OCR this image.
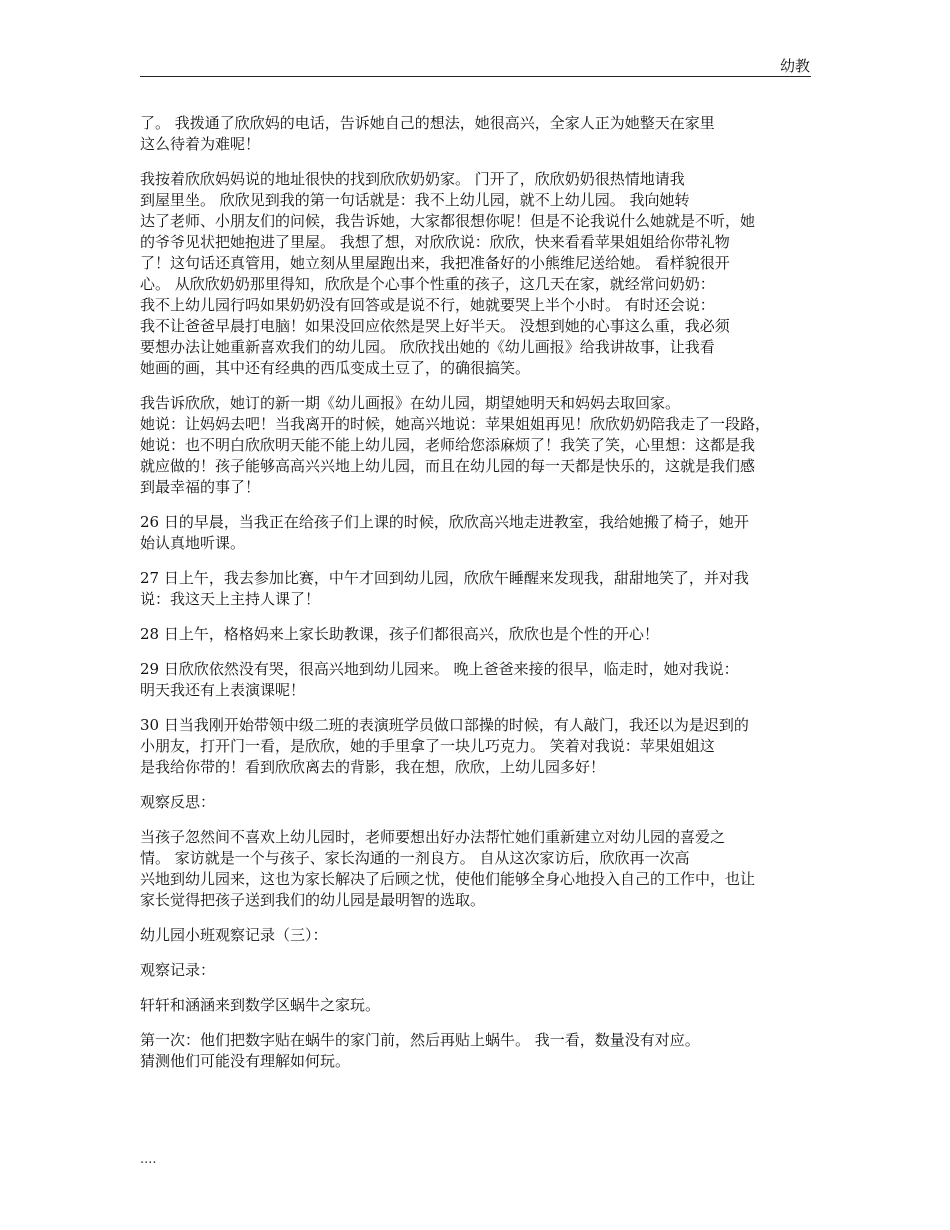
幼教
了。 我拨通了欣欣妈的电话，告诉她自己的想法，她很高兴，全家人正为她整天在家里
这么待着为难呢！
我按着欣欣妈妈说的地址很快的找到欣欣奶奶家。 门开了，欣欣奶奶很热情地请我
到屋里坐。 欣欣见到我的第一句话就是：我不上幼儿园，就不上幼儿园。 我向她转
达了老师、小朋友们的问候，我告诉她，大家都很想你呢！但是不论我说什么她就是不听，她
的爷爷见状把她抱进了里屋。 我想了想，对欣欣说：欣欣，快来看看苹果姐姐给你带礼物
了！这句话还真管用，她立刻从里屋跑出来，我把准备好的小熊维尼送给她。 看样貌很开
心。 从欣欣奶奶那里得知，欣欣是个心事个性重的孩子，这几天在家，就经常问奶奶：
我不上幼儿园行吗如果奶奶没有回答或是说不行，她就要哭上半个小时。 有时还会说：
我不让爸爸早晨打电脑！如果没回应依然是哭上好半天。 没想到她的心事这么重，我必须
要想办法让她重新喜欢我们的幼儿园。 欣欣找出她的《幼儿画报》给我讲故事，让我看
她画的画，其中还有经典的西瓜变成土豆了，的确很搞笑。
我告诉欣欣，她订的新一期《幼儿画报》在幼儿园，期望她明天和妈妈去取回家。
她说：让妈妈去吧！当我离开的时候，她高兴地说：苹果姐姐再见！欣欣奶奶陪我走了一段路，
她说：也不明白欣欣明天能不能上幼儿园，老师给您添麻烦了！我笑了笑，心里想：这都是我
就应做的！孩子能够高高兴兴地上幼儿园，而且在幼儿园的每一天都是快乐的，这就是我们感
到最幸福的事了！
26 日的早晨，当我正在给孩子们上课的时候，欣欣高兴地走进教室，我给她搬了椅子，她开
始认真地听课。
27 日上午，我去参加比赛，中午才回到幼儿园，欣欣午睡醒来发现我，甜甜地笑了，并对我
说：我这天上主持人课了！
28 日上午，格格妈来上家长助教课，孩子们都很高兴，欣欣也是个性的开心！
29 日欣欣依然没有哭，很高兴地到幼儿园来。 晚上爸爸来接的很早，临走时，她对我说：
明天我还有上表演课呢！
30 日当我刚开始带领中级二班的表演班学员做口部操的时候，有人敲门，我还以为是迟到的
小朋友，打开门一看，是欣欣，她的手里拿了一块儿巧克力。 笑着对我说：苹果姐姐这
是我给你带的！看到欣欣离去的背影，我在想，欣欣，上幼儿园多好！
观察反思：
当孩子忽然间不喜欢上幼儿园时，老师要想出好办法帮忙她们重新建立对幼儿园的喜爱之
情。 家访就是一个与孩子、家长沟通的一剂良方。 自从这次家访后，欣欣再一次高
兴地到幼儿园来，这也为家长解决了后顾之忧，使他们能够全身心地投入自己的工作中，也让
家长觉得把孩子送到我们的幼儿园是最明智的选取。
幼儿园小班观察记录（三）：
观察记录：
轩轩和涵涵来到数学区蜗牛之家玩。
第一次：他们把数字贴在蜗牛的家门前，然后再贴上蜗牛。 我一看，数量没有对应。
猜测他们可能没有理解如何玩。
....
